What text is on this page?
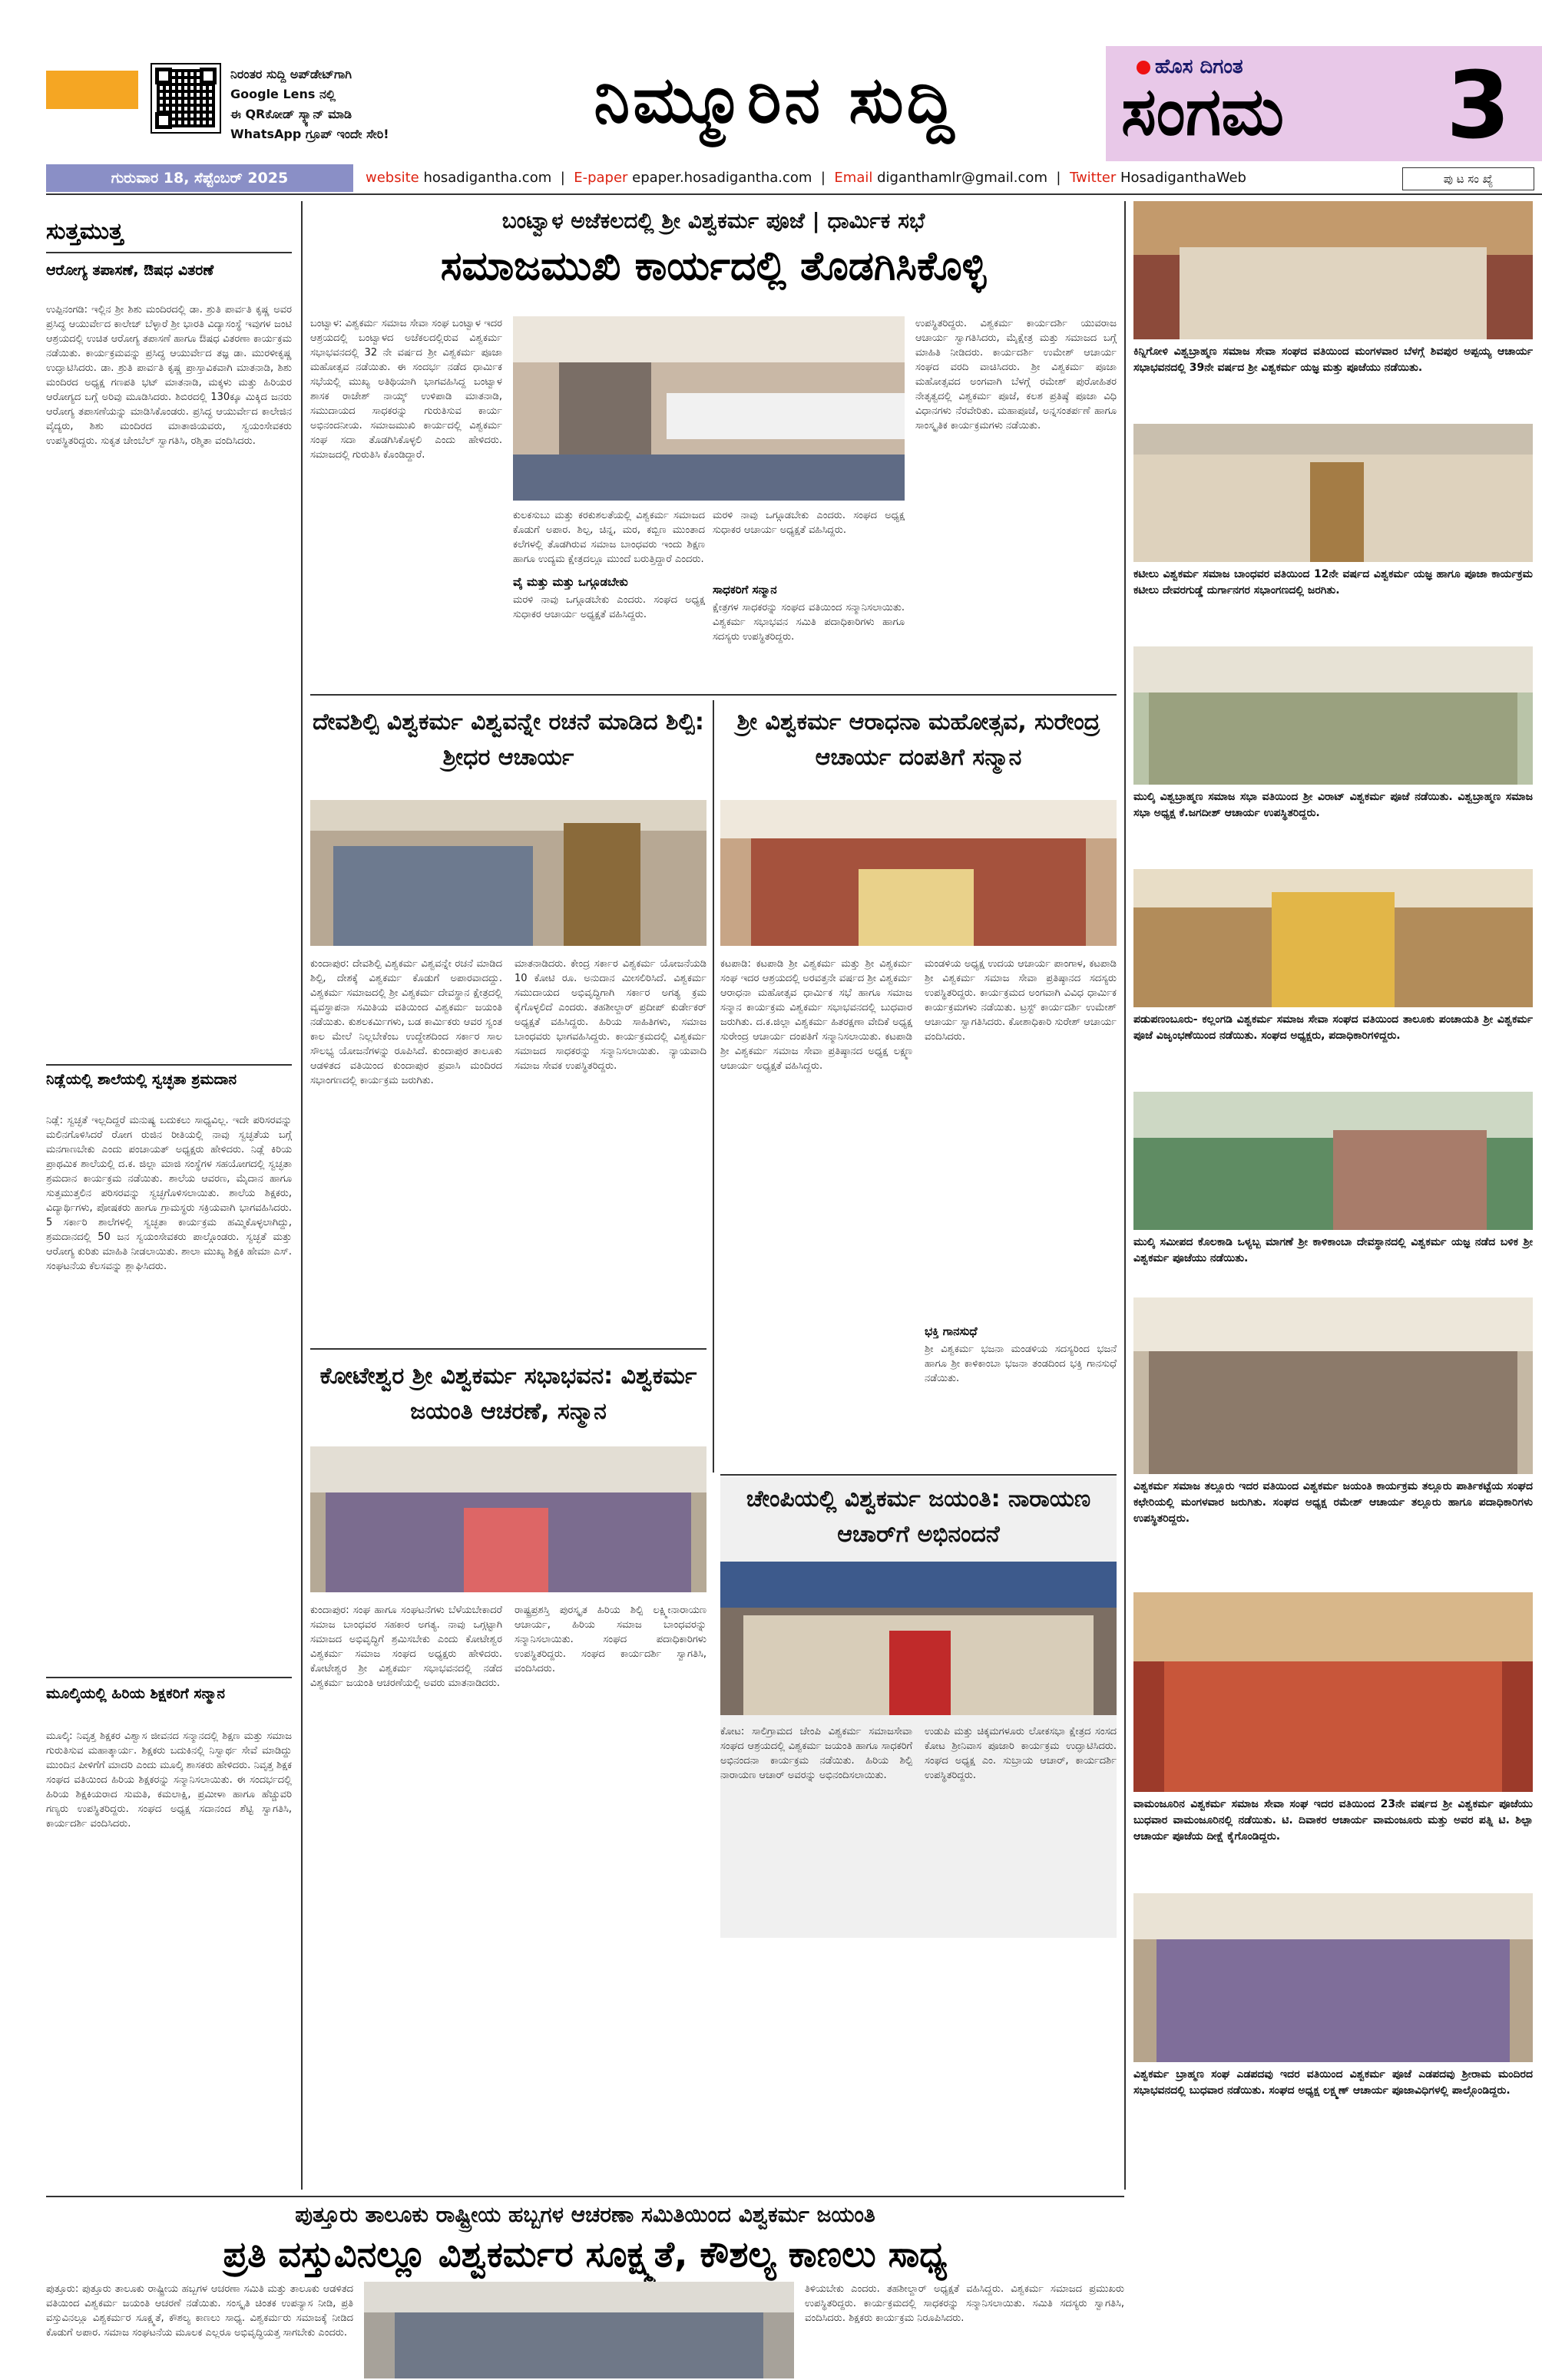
ನಿರಂತರ ಸುದ್ದಿ ಅಪ್‌ಡೇಟ್‌ಗಾಗಿ
Google Lens ನಲ್ಲಿ
ಈ QRಕೋಡ್ ಸ್ಕ್ಯಾನ್ ಮಾಡಿ
WhatsApp ಗ್ರೂಪ್ ಇಂದೇ ಸೇರಿ!	ನಿಮ್ಮೂರಿನ ಸುದ್ದಿ	ಹೊಸ ದಿಗಂತ
ಸಂಗಮ 3
ಗುರುವಾರ 18, ಸೆಪ್ಟೆಂಬರ್ 2025	website hosadigantha.com  |  E-paper epaper.hosadigantha.com  |  Email diganthamlr@gmail.com  |  Twitter HosadiganthaWeb	ಪು ಟ ಸಂ ಖ್ಯೆ
ಸುತ್ತಮುತ್ತ
ಆರೋಗ್ಯ ತಪಾಸಣೆ, ಔಷಧ ವಿತರಣೆ
ಉಪ್ಪಿನಂಗಡಿ: ಇಲ್ಲಿನ ಶ್ರೀ ಶಿಶು ಮಂದಿರದಲ್ಲಿ ಡಾ. ಶ್ರುತಿ ಪಾರ್ವತಿ ಕೃಷ್ಣ ಅವರ ಪ್ರಸಿದ್ಧ ಆಯುರ್ವೇದ ಕಾಲೇಜ್ ಬೆಳ್ಳಾರೆ ಶ್ರೀ ಭಾರತಿ ವಿದ್ಯಾಸಂಸ್ಥೆ ಇವುಗಳ ಜಂಟಿ ಆಶ್ರಯದಲ್ಲಿ ಉಚಿತ ಆರೋಗ್ಯ ತಪಾಸಣೆ ಹಾಗೂ ಔಷಧ ವಿತರಣಾ ಕಾರ್ಯಕ್ರಮ ನಡೆಯಿತು. ಕಾರ್ಯಕ್ರಮವನ್ನು ಪ್ರಸಿದ್ಧ ಆಯುರ್ವೇದ ತಜ್ಞ ಡಾ. ಮುರಳೀಕೃಷ್ಣ ಉದ್ಘಾಟಿಸಿದರು. ಡಾ. ಶ್ರುತಿ ಪಾರ್ವತಿ ಕೃಷ್ಣ ಪ್ರಾಸ್ತಾವಿಕವಾಗಿ ಮಾತನಾಡಿ, ಶಿಶು ಮಂದಿರದ ಅಧ್ಯಕ್ಷ ಗಣಪತಿ ಭಟ್ ಮಾತನಾಡಿ, ಮಕ್ಕಳು ಮತ್ತು ಹಿರಿಯರ ಆರೋಗ್ಯದ ಬಗ್ಗೆ ಅರಿವು ಮೂಡಿಸಿದರು. ಶಿಬಿರದಲ್ಲಿ 130ಕ್ಕೂ ಮಿಕ್ಕಿದ ಜನರು ಆರೋಗ್ಯ ತಪಾಸಣೆಯನ್ನು ಮಾಡಿಸಿಕೊಂಡರು. ಪ್ರಸಿದ್ಧ ಆಯುರ್ವೇದ ಕಾಲೇಜಿನ ವೈದ್ಯರು, ಶಿಶು ಮಂದಿರದ ಮಾತಾಜಿಯವರು, ಸ್ವಯಂಸೇವಕರು ಉಪಸ್ಥಿತರಿದ್ದರು. ಸುಕೃತ ಚೇಂಬೆಲ್ ಸ್ವಾಗತಿಸಿ, ರಶ್ಮಿತಾ ವಂದಿಸಿದರು.
ನಿಡ್ಲೆಯಲ್ಲಿ ಶಾಲೆಯಲ್ಲಿ ಸ್ವಚ್ಛತಾ ಶ್ರಮದಾನ
ನಿಡ್ಲೆ: ಸ್ವಚ್ಛತೆ ಇಲ್ಲದಿದ್ದರೆ ಮನುಷ್ಯ ಬದುಕಲು ಸಾಧ್ಯವಿಲ್ಲ. ಇದೇ ಪರಿಸರವನ್ನು ಮಲಿನಗೊಳಿಸಿದರೆ ರೋಗ ರುಜಿನ ರೀತಿಯಲ್ಲಿ ನಾವು ಸ್ವಚ್ಛತೆಯ ಬಗ್ಗೆ ಮನಗಾಣಬೇಕು ಎಂದು ಪಂಚಾಯತ್ ಅಧ್ಯಕ್ಷರು ಹೇಳಿದರು. ನಿಡ್ಲೆ ಕಿರಿಯ ಪ್ರಾಥಮಿಕ ಶಾಲೆಯಲ್ಲಿ ದ.ಕ. ಜಿಲ್ಲಾ ಮಾಜಿ ಸಂಸ್ಥೆಗಳ ಸಹಯೋಗದಲ್ಲಿ ಸ್ವಚ್ಛತಾ ಶ್ರಮದಾನ ಕಾರ್ಯಕ್ರಮ ನಡೆಯಿತು. ಶಾಲೆಯ ಆವರಣ, ಮೈದಾನ ಹಾಗೂ ಸುತ್ತಮುತ್ತಲಿನ ಪರಿಸರವನ್ನು ಸ್ವಚ್ಛಗೊಳಿಸಲಾಯಿತು. ಶಾಲೆಯ ಶಿಕ್ಷಕರು, ವಿದ್ಯಾರ್ಥಿಗಳು, ಪೋಷಕರು ಹಾಗೂ ಗ್ರಾಮಸ್ಥರು ಸಕ್ರಿಯವಾಗಿ ಭಾಗವಹಿಸಿದರು. 5 ಸರ್ಕಾರಿ ಶಾಲೆಗಳಲ್ಲಿ ಸ್ವಚ್ಛತಾ ಕಾರ್ಯಕ್ರಮ ಹಮ್ಮಿಕೊಳ್ಳಲಾಗಿದ್ದು, ಶ್ರಮದಾನದಲ್ಲಿ 50 ಜನ ಸ್ವಯಂಸೇವಕರು ಪಾಲ್ಗೊಂಡರು. ಸ್ವಚ್ಛತೆ ಮತ್ತು ಆರೋಗ್ಯ ಕುರಿತು ಮಾಹಿತಿ ನೀಡಲಾಯಿತು. ಶಾಲಾ ಮುಖ್ಯ ಶಿಕ್ಷಕಿ ಹೇಮಾ ಎಸ್. ಸಂಘಟನೆಯ ಕೆಲಸವನ್ನು ಶ್ಲಾಘಿಸಿದರು.
ಮೂಲ್ಕಿಯಲ್ಲಿ ಹಿರಿಯ ಶಿಕ್ಷಕರಿಗೆ ಸನ್ಮಾನ
ಮೂಲ್ಕಿ: ನಿವೃತ್ತ ಶಿಕ್ಷಕರ ವಿಶ್ವಾಸ ಜೀವನದ ಸನ್ಮಾನದಲ್ಲಿ ಶಿಕ್ಷಣ ಮತ್ತು ಸಮಾಜ ಗುರುತಿಸುವ ಮಹಾತ್ಕಾರ್ಯ. ಶಿಕ್ಷಕರು ಬದುಕಿನಲ್ಲಿ ನಿಸ್ವಾರ್ಥ ಸೇವೆ ಮಾಡಿದ್ದು ಮುಂದಿನ ಪೀಳಿಗೆಗೆ ಮಾದರಿ ಎಂದು ಮೂಲ್ಕಿ ಶಾಸಕರು ಹೇಳಿದರು. ನಿವೃತ್ತ ಶಿಕ್ಷಕ ಸಂಘದ ವತಿಯಿಂದ ಹಿರಿಯ ಶಿಕ್ಷಕರನ್ನು ಸನ್ಮಾನಿಸಲಾಯಿತು. ಈ ಸಂದರ್ಭದಲ್ಲಿ ಹಿರಿಯ ಶಿಕ್ಷಕಿಯರಾದ ಸುಮತಿ, ಕಮಲಾಕ್ಷಿ, ಪ್ರಮೀಳಾ ಹಾಗೂ ಹೆಚ್ಚುವರಿ ಗಣ್ಯರು ಉಪಸ್ಥಿತರಿದ್ದರು. ಸಂಘದ ಅಧ್ಯಕ್ಷ ಸದಾನಂದ ಶೆಟ್ಟಿ ಸ್ವಾಗತಿಸಿ, ಕಾರ್ಯದರ್ಶಿ ವಂದಿಸಿದರು.
ಬಂಟ್ವಾಳ ಅಜೆಕಲದಲ್ಲಿ ಶ್ರೀ ವಿಶ್ವಕರ್ಮ ಪೂಜೆ | ಧಾರ್ಮಿಕ ಸಭೆ
ಸಮಾಜಮುಖಿ ಕಾರ್ಯದಲ್ಲಿ ತೊಡಗಿಸಿಕೊಳ್ಳಿ
ಬಂಟ್ವಾಳ: ವಿಶ್ವಕರ್ಮ ಸಮಾಜ ಸೇವಾ ಸಂಘ ಬಂಟ್ವಾಳ ಇದರ ಆಶ್ರಯದಲ್ಲಿ ಬಂಟ್ವಾಳದ ಅಜೆಕಲದಲ್ಲಿರುವ ವಿಶ್ವಕರ್ಮ ಸಭಾಭವನದಲ್ಲಿ 32 ನೇ ವರ್ಷದ ಶ್ರೀ ವಿಶ್ವಕರ್ಮ ಪೂಜಾ ಮಹೋತ್ಸವ ನಡೆಯಿತು. ಈ ಸಂದರ್ಭ ನಡೆದ ಧಾರ್ಮಿಕ ಸಭೆಯಲ್ಲಿ ಮುಖ್ಯ ಅತಿಥಿಯಾಗಿ ಭಾಗವಹಿಸಿದ್ದ ಬಂಟ್ವಾಳ ಶಾಸಕ ರಾಜೇಶ್ ನಾಯ್ಕ್ ಉಳಿಪಾಡಿ ಮಾತನಾಡಿ, ಸಮುದಾಯದ ಸಾಧಕರನ್ನು ಗುರುತಿಸುವ ಕಾರ್ಯ ಅಭಿನಂದನೀಯ. ಸಮಾಜಮುಖಿ ಕಾರ್ಯದಲ್ಲಿ ವಿಶ್ವಕರ್ಮ ಸಂಘ ಸದಾ ತೊಡಗಿಸಿಕೊಳ್ಳಲಿ ಎಂದು ಹೇಳಿದರು. ಸಮಾಜದಲ್ಲಿ ಗುರುತಿಸಿ ಕೊಂಡಿದ್ದಾರೆ.
ಕುಲಕಸುಬು ಮತ್ತು ಕರಕುಶಲತೆಯಲ್ಲಿ ವಿಶ್ವಕರ್ಮ ಸಮಾಜದ ಕೊಡುಗೆ ಅಪಾರ. ಶಿಲ್ಪ, ಚಿನ್ನ, ಮರ, ಕಬ್ಬಿಣ ಮುಂತಾದ ಕಲೆಗಳಲ್ಲಿ ತೊಡಗಿರುವ ಸಮಾಜ ಬಾಂಧವರು ಇಂದು ಶಿಕ್ಷಣ ಹಾಗೂ ಉದ್ಯಮ ಕ್ಷೇತ್ರದಲ್ಲೂ ಮುಂದೆ ಬರುತ್ತಿದ್ದಾರೆ ಎಂದರು.
ವೈ ಮತ್ತು ಮತ್ತು ಒಗ್ಗೂಡಬೇಕು
ಮರಳಿ ನಾವು ಒಗ್ಗೂಡಬೇಕು ಎಂದರು. ಸಂಘದ ಅಧ್ಯಕ್ಷ ಸುಧಾಕರ ಆಚಾರ್ಯ ಅಧ್ಯಕ್ಷತೆ ವಹಿಸಿದ್ದರು.
ಮರಳಿ ನಾವು ಒಗ್ಗೂಡಬೇಕು ಎಂದರು. ಸಂಘದ ಅಧ್ಯಕ್ಷ ಸುಧಾಕರ ಆಚಾರ್ಯ ಅಧ್ಯಕ್ಷತೆ ವಹಿಸಿದ್ದರು.
ಸಾಧಕರಿಗೆ ಸನ್ಮಾನ
ಕ್ಷೇತ್ರಗಳ ಸಾಧಕರನ್ನು ಸಂಘದ ವತಿಯಿಂದ ಸನ್ಮಾನಿಸಲಾಯಿತು. ವಿಶ್ವಕರ್ಮ ಸಭಾಭವನ ಸಮಿತಿ ಪದಾಧಿಕಾರಿಗಳು ಹಾಗೂ ಸದಸ್ಯರು ಉಪಸ್ಥಿತರಿದ್ದರು.
ಉಪಸ್ಥಿತರಿದ್ದರು. ವಿಶ್ವಕರ್ಮ ಕಾರ್ಯದರ್ಶಿ ಯುವರಾಜ ಆಚಾರ್ಯ ಸ್ವಾಗತಿಸಿದರು, ಮೈಕ್ಷೇತ್ರ ಮತ್ತು ಸಮಾಜದ ಬಗ್ಗೆ ಮಾಹಿತಿ ನೀಡಿದರು. ಕಾರ್ಯದರ್ಶಿ ಉಮೇಶ್ ಆಚಾರ್ಯ ಸಂಘದ ವರದಿ ವಾಚಿಸಿದರು. ಶ್ರೀ ವಿಶ್ವಕರ್ಮ ಪೂಜಾ ಮಹೋತ್ಸವದ ಅಂಗವಾಗಿ ಬೆಳಗ್ಗೆ ರಮೇಶ್ ಪುರೋಹಿತರ ನೇತೃತ್ವದಲ್ಲಿ ವಿಶ್ವಕರ್ಮ ಪೂಜೆ, ಕಲಶ ಪ್ರತಿಷ್ಠೆ ಪೂಜಾ ವಿಧಿ ವಿಧಾನಗಳು ನೆರವೇರಿತು. ಮಹಾಪೂಜೆ, ಅನ್ನಸಂತರ್ಪಣೆ ಹಾಗೂ ಸಾಂಸ್ಕೃತಿಕ ಕಾರ್ಯಕ್ರಮಗಳು ನಡೆಯಿತು.
ದೇವಶಿಲ್ಪಿ ವಿಶ್ವಕರ್ಮ ವಿಶ್ವವನ್ನೇ ರಚನೆ ಮಾಡಿದ ಶಿಲ್ಪಿ: ಶ್ರೀಧರ ಆಚಾರ್ಯ
ಕುಂದಾಪುರ: ದೇವಶಿಲ್ಪಿ ವಿಶ್ವಕರ್ಮ ವಿಶ್ವವನ್ನೇ ರಚನೆ ಮಾಡಿದ ಶಿಲ್ಪಿ, ದೇಶಕ್ಕೆ ವಿಶ್ವಕರ್ಮ ಕೊಡುಗೆ ಅಪಾರವಾದದ್ದು. ವಿಶ್ವಕರ್ಮ ಸಮಾಜದಲ್ಲಿ ಶ್ರೀ ವಿಶ್ವಕರ್ಮ ದೇವಸ್ಥಾನ ಕ್ಷೇತ್ರದಲ್ಲಿ ವ್ಯವಸ್ಥಾಪನಾ ಸಮಿತಿಯ ವತಿಯಿಂದ ವಿಶ್ವಕರ್ಮ ಜಯಂತಿ ನಡೆಯಿತು. ಕುಶಲಕರ್ಮಿಗಳು, ಬಡ ಕಾರ್ಮಿಕರು ಆವರ ಸ್ವಂತ ಕಾಲ ಮೇಲೆ ನಿಲ್ಲಬೇಕೆಂಬ ಉದ್ದೇಶದಿಂದ ಸರ್ಕಾರ ಸಾಲ ಸೌಲಭ್ಯ ಯೋಜನೆಗಳನ್ನು ರೂಪಿಸಿದೆ. ಕುಂದಾಪುರ ತಾಲೂಕು ಆಡಳಿತದ ವತಿಯಿಂದ ಕುಂದಾಪುರ ಪ್ರವಾಸಿ ಮಂದಿರದ ಸಭಾಂಗಣದಲ್ಲಿ ಕಾರ್ಯಕ್ರಮ ಜರುಗಿತು.
ಮಾತನಾಡಿದರು. ಕೇಂದ್ರ ಸರ್ಕಾರ ವಿಶ್ವಕರ್ಮ ಯೋಜನೆಯಡಿ 10 ಕೋಟಿ ರೂ. ಅನುದಾನ ಮೀಸಲಿರಿಸಿದೆ. ವಿಶ್ವಕರ್ಮ ಸಮುದಾಯದ ಅಭಿವೃದ್ಧಿಗಾಗಿ ಸರ್ಕಾರ ಅಗತ್ಯ ಕ್ರಮ ಕೈಗೊಳ್ಳಲಿದೆ ಎಂದರು. ತಹಶೀಲ್ದಾರ್ ಪ್ರದೀಪ್ ಕುರ್ಡೇಕರ್ ಅಧ್ಯಕ್ಷತೆ ವಹಿಸಿದ್ದರು. ಹಿರಿಯ ಸಾಹಿತಿಗಳು, ಸಮಾಜ ಬಾಂಧವರು ಭಾಗವಹಿಸಿದ್ದರು. ಕಾರ್ಯಕ್ರಮದಲ್ಲಿ ವಿಶ್ವಕರ್ಮ ಸಮಾಜದ ಸಾಧಕರನ್ನು ಸನ್ಮಾನಿಸಲಾಯಿತು. ನ್ಯಾಯವಾದಿ ಸಮಾಜ ಸೇವಕ ಉಪಸ್ಥಿತರಿದ್ದರು.
ಶ್ರೀ ವಿಶ್ವಕರ್ಮ ಆರಾಧನಾ ಮಹೋತ್ಸವ, ಸುರೇಂದ್ರ ಆಚಾರ್ಯ ದಂಪತಿಗೆ ಸನ್ಮಾನ
ಕಟಪಾಡಿ: ಕಟಪಾಡಿ ಶ್ರೀ ವಿಶ್ವಕರ್ಮ ಮತ್ತು ಶ್ರೀ ವಿಶ್ವಕರ್ಮ ಸಂಘ ಇದರ ಆಶ್ರಯದಲ್ಲಿ ಅರವತ್ತನೇ ವರ್ಷದ ಶ್ರೀ ವಿಶ್ವಕರ್ಮ ಆರಾಧನಾ ಮಹೋತ್ಸವ ಧಾರ್ಮಿಕ ಸಭೆ ಹಾಗೂ ಸಮಾಜ ಸನ್ಮಾನ ಕಾರ್ಯಕ್ರಮ ವಿಶ್ವಕರ್ಮ ಸಭಾಭವನದಲ್ಲಿ ಬುಧವಾರ ಜರುಗಿತು. ದ.ಕ.ಜಿಲ್ಲಾ ವಿಶ್ವಕರ್ಮ ಹಿತರಕ್ಷಣಾ ವೇದಿಕೆ ಅಧ್ಯಕ್ಷ ಸುರೇಂದ್ರ ಆಚಾರ್ಯ ದಂಪತಿಗೆ ಸನ್ಮಾನಿಸಲಾಯಿತು. ಕಟಪಾಡಿ ಶ್ರೀ ವಿಶ್ವಕರ್ಮ ಸಮಾಜ ಸೇವಾ ಪ್ರತಿಷ್ಠಾನದ ಅಧ್ಯಕ್ಷ ಲಕ್ಷ್ಮಣ ಆಚಾರ್ಯ ಅಧ್ಯಕ್ಷತೆ ವಹಿಸಿದ್ದರು.
ಮಂಡಳಿಯ ಅಧ್ಯಕ್ಷ ಉದಯ ಆಚಾರ್ಯ ಪಾಂಗಾಳ, ಕಟಪಾಡಿ ಶ್ರೀ ವಿಶ್ವಕರ್ಮ ಸಮಾಜ ಸೇವಾ ಪ್ರತಿಷ್ಠಾನದ ಸದಸ್ಯರು ಉಪಸ್ಥಿತರಿದ್ದರು. ಕಾರ್ಯಕ್ರಮದ ಅಂಗವಾಗಿ ವಿವಿಧ ಧಾರ್ಮಿಕ ಕಾರ್ಯಕ್ರಮಗಳು ನಡೆಯಿತು. ಟ್ರಸ್ಟ್ ಕಾರ್ಯದರ್ಶಿ ಉಮೇಶ್ ಆಚಾರ್ಯ ಸ್ವಾಗತಿಸಿದರು. ಕೋಶಾಧಿಕಾರಿ ಸುರೇಶ್ ಆಚಾರ್ಯ ವಂದಿಸಿದರು.
ಭಕ್ತಿ ಗಾನಸುಧೆ
ಶ್ರೀ ವಿಶ್ವಕರ್ಮ ಭಜನಾ ಮಂಡಳಿಯ ಸದಸ್ಯರಿಂದ ಭಜನೆ ಹಾಗೂ ಶ್ರೀ ಕಾಳಿಕಾಂಬಾ ಭಜನಾ ತಂಡದಿಂದ ಭಕ್ತಿ ಗಾನಸುಧೆ ನಡೆಯಿತು.
ಕೋಟೇಶ್ವರ ಶ್ರೀ ವಿಶ್ವಕರ್ಮ ಸಭಾಭವನ: ವಿಶ್ವಕರ್ಮ ಜಯಂತಿ ಆಚರಣೆ, ಸನ್ಮಾನ
ಕುಂದಾಪುರ: ಸಂಘ ಹಾಗೂ ಸಂಘಟನೆಗಳು ಬೆಳೆಯಬೇಕಾದರೆ ಸಮಾಜ ಬಾಂಧವರ ಸಹಕಾರ ಅಗತ್ಯ. ನಾವು ಒಗ್ಗಟ್ಟಾಗಿ ಸಮಾಜದ ಅಭಿವೃದ್ಧಿಗೆ ಶ್ರಮಿಸಬೇಕು ಎಂದು ಕೋಟೇಶ್ವರ ವಿಶ್ವಕರ್ಮ ಸಮಾಜ ಸಂಘದ ಅಧ್ಯಕ್ಷರು ಹೇಳಿದರು. ಕೋಟೇಶ್ವರ ಶ್ರೀ ವಿಶ್ವಕರ್ಮ ಸಭಾಭವನದಲ್ಲಿ ನಡೆದ ವಿಶ್ವಕರ್ಮ ಜಯಂತಿ ಆಚರಣೆಯಲ್ಲಿ ಅವರು ಮಾತನಾಡಿದರು.
ರಾಷ್ಟ್ರಪ್ರಶಸ್ತಿ ಪುರಸ್ಕೃತ ಹಿರಿಯ ಶಿಲ್ಪಿ ಲಕ್ಷ್ಮೀನಾರಾಯಣ ಆಚಾರ್ಯ, ಹಿರಿಯ ಸಮಾಜ ಬಾಂಧವರನ್ನು ಸನ್ಮಾನಿಸಲಾಯಿತು. ಸಂಘದ ಪದಾಧಿಕಾರಿಗಳು ಉಪಸ್ಥಿತರಿದ್ದರು. ಸಂಘದ ಕಾರ್ಯದರ್ಶಿ ಸ್ವಾಗತಿಸಿ, ವಂದಿಸಿದರು.
ಚೇಂಪಿಯಲ್ಲಿ ವಿಶ್ವಕರ್ಮ ಜಯಂತಿ: ನಾರಾಯಣ ಆಚಾರ್‌ಗೆ ಅಭಿನಂದನೆ
ಕೋಟ: ಸಾಲಿಗ್ರಾಮದ ಚೇಂಪಿ ವಿಶ್ವಕರ್ಮ ಸಮಾಜಸೇವಾ ಸಂಘದ ಆಶ್ರಯದಲ್ಲಿ ವಿಶ್ವಕರ್ಮ ಜಯಂತಿ ಹಾಗೂ ಸಾಧಕರಿಗೆ ಅಭಿನಂದನಾ ಕಾರ್ಯಕ್ರಮ ನಡೆಯಿತು. ಹಿರಿಯ ಶಿಲ್ಪಿ ನಾರಾಯಣ ಆಚಾರ್ ಅವರನ್ನು ಅಭಿನಂದಿಸಲಾಯಿತು.
ಉಡುಪಿ ಮತ್ತು ಚಿಕ್ಕಮಗಳೂರು ಲೋಕಸಭಾ ಕ್ಷೇತ್ರದ ಸಂಸದ ಕೋಟ ಶ್ರೀನಿವಾಸ ಪೂಜಾರಿ ಕಾರ್ಯಕ್ರಮ ಉದ್ಘಾಟಿಸಿದರು. ಸಂಘದ ಅಧ್ಯಕ್ಷ ಎಂ. ಸುಬ್ರಾಯ ಆಚಾರ್, ಕಾರ್ಯದರ್ಶಿ ಉಪಸ್ಥಿತರಿದ್ದರು.
ಕಿನ್ನಿಗೋಳಿ ವಿಶ್ವಬ್ರಾಹ್ಮಣ ಸಮಾಜ ಸೇವಾ ಸಂಘದ ವತಿಯಿಂದ ಮಂಗಳವಾರ ಬೆಳಗ್ಗೆ ಶಿವಪುರ ಅಪ್ಪಯ್ಯ ಆಚಾರ್ಯ ಸಭಾಭವನದಲ್ಲಿ 39ನೇ ವರ್ಷದ ಶ್ರೀ ವಿಶ್ವಕರ್ಮ ಯಜ್ಞ ಮತ್ತು ಪೂಜೆಯು ನಡೆಯಿತು.
ಕಟೀಲು ವಿಶ್ವಕರ್ಮ ಸಮಾಜ ಬಾಂಧವರ ವತಿಯಿಂದ 12ನೇ ವರ್ಷದ ವಿಶ್ವಕರ್ಮ ಯಜ್ಞ ಹಾಗೂ ಪೂಜಾ ಕಾರ್ಯಕ್ರಮ ಕಟೀಲು ದೇವರಗುಡ್ಡೆ ದುರ್ಗಾನಗರ ಸಭಾಂಗಣದಲ್ಲಿ ಜರಗಿತು.
ಮುಲ್ಕಿ ವಿಶ್ವಬ್ರಾಹ್ಮಣ ಸಮಾಜ ಸಭಾ ವತಿಯಿಂದ ಶ್ರೀ ವಿರಾಟ್ ವಿಶ್ವಕರ್ಮ ಪೂಜೆ ನಡೆಯಿತು. ವಿಶ್ವಬ್ರಾಹ್ಮಣ ಸಮಾಜ ಸಭಾ ಅಧ್ಯಕ್ಷ ಕೆ.ಜಗದೀಶ್ ಆಚಾರ್ಯ ಉಪಸ್ಥಿತರಿದ್ದರು.
ಪಡುಪಣಂಬೂರು- ಕಲ್ಲಂಗಡಿ ವಿಶ್ವಕರ್ಮ ಸಮಾಜ ಸೇವಾ ಸಂಘದ ವತಿಯಿಂದ ತಾಲೂಕು ಪಂಚಾಯತಿ ಶ್ರೀ ವಿಶ್ವಕರ್ಮ ಪೂಜೆ ವಿಜೃಂಭಣೆಯಿಂದ ನಡೆಯಿತು. ಸಂಘದ ಅಧ್ಯಕ್ಷರು, ಪದಾಧಿಕಾರಿಗಳಿದ್ದರು.
ಮುಲ್ಕಿ ಸಮೀಪದ ಕೊಲಕಾಡಿ ಒಳ್ಯಬ್ಬ ಮಾಗಣೆ ಶ್ರೀ ಕಾಳಿಕಾಂಬಾ ದೇವಸ್ಥಾನದಲ್ಲಿ ವಿಶ್ವಕರ್ಮ ಯಜ್ಞ ನಡೆದ ಬಳಿಕ ಶ್ರೀ ವಿಶ್ವಕರ್ಮ ಪೂಜೆಯು ನಡೆಯಿತು.
ವಿಶ್ವಕರ್ಮ ಸಮಾಜ ತಲ್ಲೂರು ಇದರ ವತಿಯಿಂದ ವಿಶ್ವಕರ್ಮ ಜಯಂತಿ ಕಾರ್ಯಕ್ರಮ ತಲ್ಲೂರು ಪಾರ್ತಿಕಟ್ಟೆಯ ಸಂಘದ ಕಛೇರಿಯಲ್ಲಿ ಮಂಗಳವಾರ ಜರುಗಿತು. ಸಂಘದ ಅಧ್ಯಕ್ಷ ರಮೇಶ್ ಆಚಾರ್ಯ ತಲ್ಲೂರು ಹಾಗೂ ಪದಾಧಿಕಾರಿಗಳು ಉಪಸ್ಥಿತರಿದ್ದರು.
ವಾಮಂಜೂರಿನ ವಿಶ್ವಕರ್ಮ ಸಮಾಜ ಸೇವಾ ಸಂಘ ಇದರ ವತಿಯಿಂದ 23ನೇ ವರ್ಷದ ಶ್ರೀ ವಿಶ್ವಕರ್ಮ ಪೂಜೆಯು ಬುಧವಾರ ವಾಮಂಜೂರಿನಲ್ಲಿ ನಡೆಯಿತು. ಟಿ. ದಿವಾಕರ ಆಚಾರ್ಯ ವಾಮಂಜೂರು ಮತ್ತು ಅವರ ಪತ್ನಿ ಟಿ. ಶಿಲ್ಪಾ ಆಚಾರ್ಯ ಪೂಜೆಯ ದೀಕ್ಷೆ ಕೈಗೊಂಡಿದ್ದರು.
ವಿಶ್ವಕರ್ಮ ಬ್ರಾಹ್ಮಣ ಸಂಘ ಎಡಪದವು ಇದರ ವತಿಯಿಂದ ವಿಶ್ವಕರ್ಮ ಪೂಜೆ ಎಡಪದವು ಶ್ರೀರಾಮ ಮಂದಿರದ ಸಭಾಭವನದಲ್ಲಿ ಬುಧವಾರ ನಡೆಯಿತು. ಸಂಘದ ಅಧ್ಯಕ್ಷ ಲಕ್ಷ್ಮಣ್ ಆಚಾರ್ಯ ಪೂಜಾವಿಧಿಗಳಲ್ಲಿ ಪಾಲ್ಗೊಂಡಿದ್ದರು.
ಪುತ್ತೂರು ತಾಲೂಕು ರಾಷ್ಟ್ರೀಯ ಹಬ್ಬಗಳ ಆಚರಣಾ ಸಮಿತಿಯಿಂದ ವಿಶ್ವಕರ್ಮ ಜಯಂತಿ
ಪ್ರತಿ ವಸ್ತುವಿನಲ್ಲೂ ವಿಶ್ವಕರ್ಮರ ಸೂಕ್ಷ್ಮತೆ, ಕೌಶಲ್ಯ ಕಾಣಲು ಸಾಧ್ಯ
ಪುತ್ತೂರು: ಪುತ್ತೂರು ತಾಲೂಕು ರಾಷ್ಟ್ರೀಯ ಹಬ್ಬಗಳ ಆಚರಣಾ ಸಮಿತಿ ಮತ್ತು ತಾಲೂಕು ಆಡಳಿತದ ವತಿಯಿಂದ ವಿಶ್ವಕರ್ಮ ಜಯಂತಿ ಆಚರಣೆ ನಡೆಯಿತು. ಸಂಸ್ಕೃತಿ ಚಿಂತಕ ಉಪನ್ಯಾಸ ನೀಡಿ, ಪ್ರತಿ ವಸ್ತುವಿನಲ್ಲೂ ವಿಶ್ವಕರ್ಮರ ಸೂಕ್ಷ್ಮತೆ, ಕೌಶಲ್ಯ ಕಾಣಲು ಸಾಧ್ಯ. ವಿಶ್ವಕರ್ಮರು ಸಮಾಜಕ್ಕೆ ನೀಡಿದ ಕೊಡುಗೆ ಅಪಾರ. ಸಮಾಜ ಸಂಘಟನೆಯ ಮೂಲಕ ಎಲ್ಲರೂ ಅಭಿವೃದ್ಧಿಯತ್ತ ಸಾಗಬೇಕು ಎಂದರು.
ತಿಳಿಯಬೇಕು ಎಂದರು. ತಹಶೀಲ್ದಾರ್ ಅಧ್ಯಕ್ಷತೆ ವಹಿಸಿದ್ದರು. ವಿಶ್ವಕರ್ಮ ಸಮಾಜದ ಪ್ರಮುಖರು ಉಪಸ್ಥಿತರಿದ್ದರು. ಕಾರ್ಯಕ್ರಮದಲ್ಲಿ ಸಾಧಕರನ್ನು ಸನ್ಮಾನಿಸಲಾಯಿತು. ಸಮಿತಿ ಸದಸ್ಯರು ಸ್ವಾಗತಿಸಿ, ವಂದಿಸಿದರು. ಶಿಕ್ಷಕರು ಕಾರ್ಯಕ್ರಮ ನಿರೂಪಿಸಿದರು.
